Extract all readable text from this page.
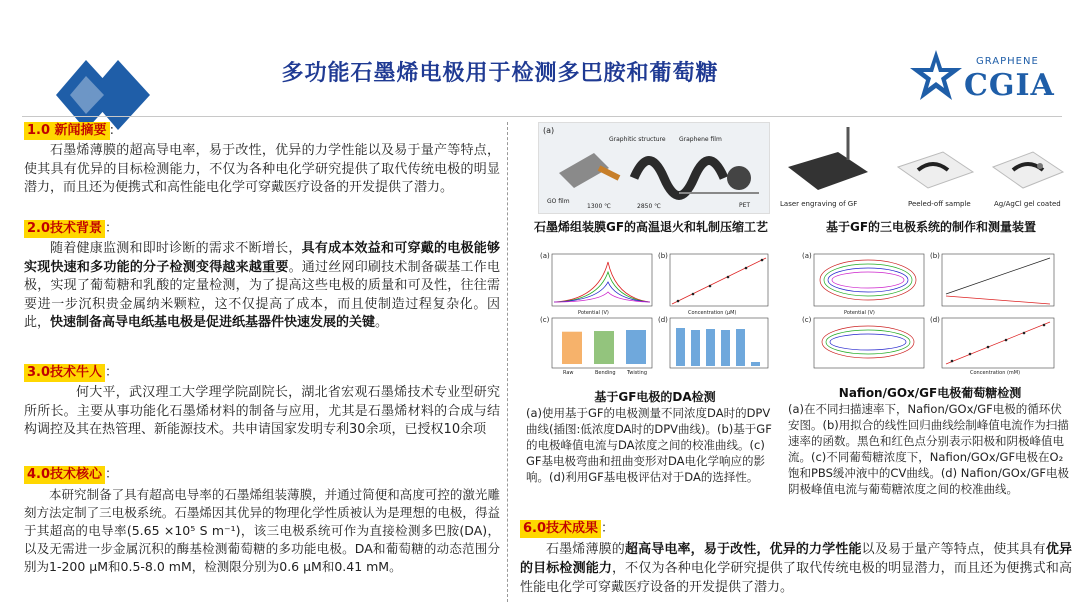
多功能石墨烯电极用于检测多巴胺和葡萄糖	GRAPHENE
CGIA
1.0 新闻摘要 :
石墨烯薄膜的超高导电率，易于改性，优异的力学性能以及易于量产等特点，使其具有优异的目标检测能力，不仅为各种电化学研究提供了取代传统电极的明显潜力，而且还为便携式和高性能电化学可穿戴医疗设备的开发提供了潜力。
2.0技术背景 ：
随着健康监测和即时诊断的需求不断增长，具有成本效益和可穿戴的电极能够实现快速和多功能的分子检测变得越来越重要。通过丝网印刷技术制备碳基工作电极，实现了葡萄糖和乳酸的定量检测，为了提高这些电极的质量和可及性，往往需要进一步沉积贵金属纳米颗粒，这不仅提高了成本，而且使制造过程复杂化。因此，快速制备高导电纸基电极是促进纸基器件快速发展的关键。
3.0技术牛人 ：
何大平，武汉理工大学理学院副院长，湖北省宏观石墨烯技术专业型研究所所长。主要从事功能化石墨烯材料的制备与应用，尤其是石墨烯材料的合成与结构调控及其在热管理、新能源技术。共申请国家发明专利30余项，已授权10余项
4.0技术核心 ：
本研究制备了具有超高电导率的石墨烯组装薄膜，并通过简便和高度可控的激光雕刻方法定制了三电极系统。石墨烯因其优异的物理化学性质被认为是理想的电极，得益于其超高的电导率(5.65 ×10⁵ S m⁻¹)，该三电极系统可作为直接检测多巴胺(DA)，以及无需进一步金属沉积的酶基检测葡萄糖的多功能电极。DA和葡萄糖的动态范围分别为1-200 μM和0.5-8.0 mM，检测限分别为0.6 μM和0.41 mM。
(a)
Graphitic structure Graphene film
GO film
1300 ℃	2850 ℃	PET	Laser engraving of GF	Peeled-off sample	Ag/AgCl gel coated
石墨烯组装膜GF的高温退火和轧制压缩工艺	基于GF的三电极系统的制作和测量装置
(a)
Potential (V)
(b)
Concentration (μM)
(c)
Raw	Bending Twisting
(d)
基于GF电极的DA检测
(a)使用基于GF的电极测量不同浓度DA时的DPV曲线(插图:低浓度DA时的DPV曲线)。(b)基于GF的电极峰值电流与DA浓度之间的校准曲线。(c) GF基电极弯曲和扭曲变形对DA电化学响应的影响。(d)利用GF基电极评估对于DA的选择性。
(a)
Potential (V)
(b)
(d)
Concentration (mM)
(c)
Nafion/GOx/GF电极葡萄糖检测
(a)在不同扫描速率下，Nafion/GOx/GF电极的循环伏安图。(b)用拟合的线性回归曲线绘制峰值电流作为扫描速率的函数。黑色和红色点分别表示阳极和阴极峰值电流。(c)不同葡萄糖浓度下，Nafion/GOx/GF电极在O₂饱和PBS缓冲液中的CV曲线。(d) Nafion/GOx/GF电极阴极峰值电流与葡萄糖浓度之间的校准曲线。
6.0技术成果 ：
石墨烯薄膜的超高导电率，易于改性，优异的力学性能以及易于量产等特点，使其具有优异的目标检测能力，不仅为各种电化学研究提供了取代传统电极的明显潜力，而且还为便携式和高性能电化学可穿戴医疗设备的开发提供了潜力。
